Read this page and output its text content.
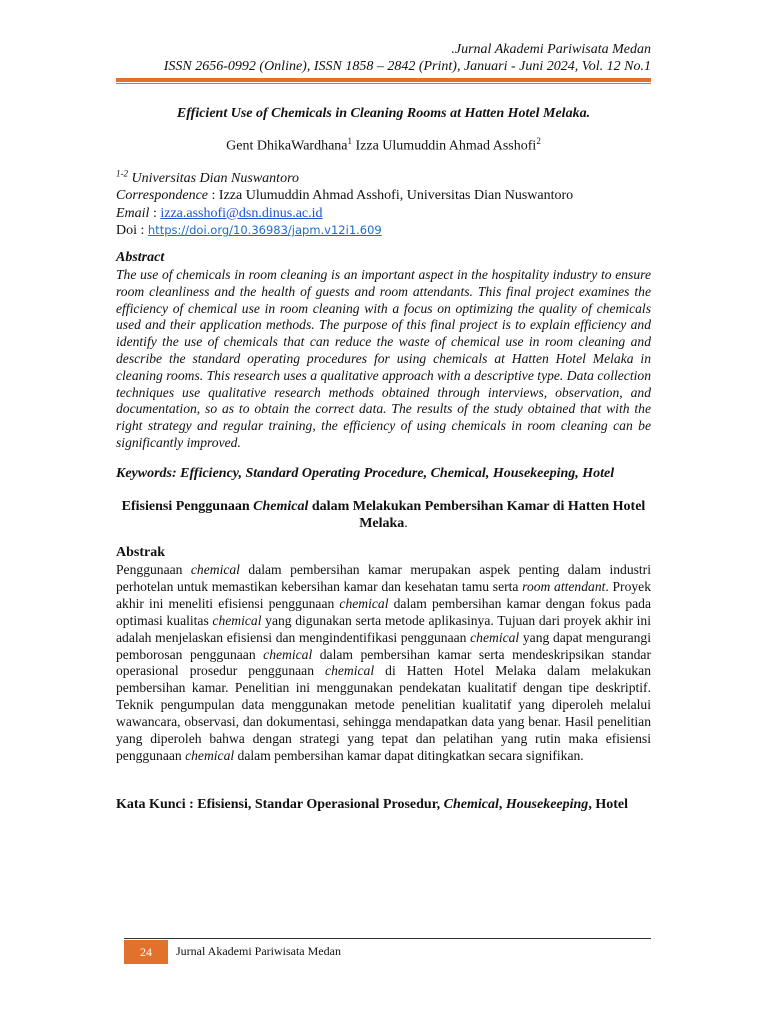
.Jurnal Akademi Pariwisata Medan
ISSN 2656-0992 (Online), ISSN 1858 – 2842 (Print), Januari - Juni 2024, Vol. 12 No.1
Efficient Use of Chemicals in Cleaning Rooms at Hatten Hotel Melaka.
Gent DhikaWardhana$^1$ Izza Ulumuddin Ahmad Asshofi$^2$
$^{1-2}$ Universitas Dian Nuswantoro
Correspondence : Izza Ulumuddin Ahmad Asshofi, Universitas Dian Nuswantoro
Email : izza.asshofi@dsn.dinus.ac.id
Doi : https://doi.org/10.36983/japm.v12i1.609
Abstract
The use of chemicals in room cleaning is an important aspect in the hospitality industry to ensure room cleanliness and the health of guests and room attendants. This final project examines the efficiency of chemical use in room cleaning with a focus on optimizing the quality of chemicals used and their application methods. The purpose of this final project is to explain efficiency and identify the use of chemicals that can reduce the waste of chemical use in room cleaning and describe the standard operating procedures for using chemicals at Hatten Hotel Melaka in cleaning rooms. This research uses a qualitative approach with a descriptive type. Data collection techniques use qualitative research methods obtained through interviews, observation, and documentation, so as to obtain the correct data. The results of the study obtained that with the right strategy and regular training, the efficiency of using chemicals in room cleaning can be significantly improved.
Keywords: Efficiency, Standard Operating Procedure, Chemical, Housekeeping, Hotel
Efisiensi Penggunaan Chemical dalam Melakukan Pembersihan Kamar di Hatten Hotel Melaka.
Abstrak
Penggunaan chemical dalam pembersihan kamar merupakan aspek penting dalam industri perhotelan untuk memastikan kebersihan kamar dan kesehatan tamu serta room attendant. Proyek akhir ini meneliti efisiensi penggunaan chemical dalam pembersihan kamar dengan fokus pada optimasi kualitas chemical yang digunakan serta metode aplikasinya. Tujuan dari proyek akhir ini adalah menjelaskan efisiensi dan mengindentifikasi penggunaan chemical yang dapat mengurangi pemborosan penggunaan chemical dalam pembersihan kamar serta mendeskripsikan standar operasional prosedur penggunaan chemical di Hatten Hotel Melaka dalam melakukan pembersihan kamar. Penelitian ini menggunakan pendekatan kualitatif dengan tipe deskriptif. Teknik pengumpulan data menggunakan metode penelitian kualitatif yang diperoleh melalui wawancara, observasi, dan dokumentasi, sehingga mendapatkan data yang benar. Hasil penelitian yang diperoleh bahwa dengan strategi yang tepat dan pelatihan yang rutin maka efisiensi penggunaan chemical dalam pembersihan kamar dapat ditingkatkan secara signifikan.
Kata Kunci : Efisiensi, Standar Operasional Prosedur, Chemical, Housekeeping, Hotel
24	Jurnal Akademi Pariwisata Medan
